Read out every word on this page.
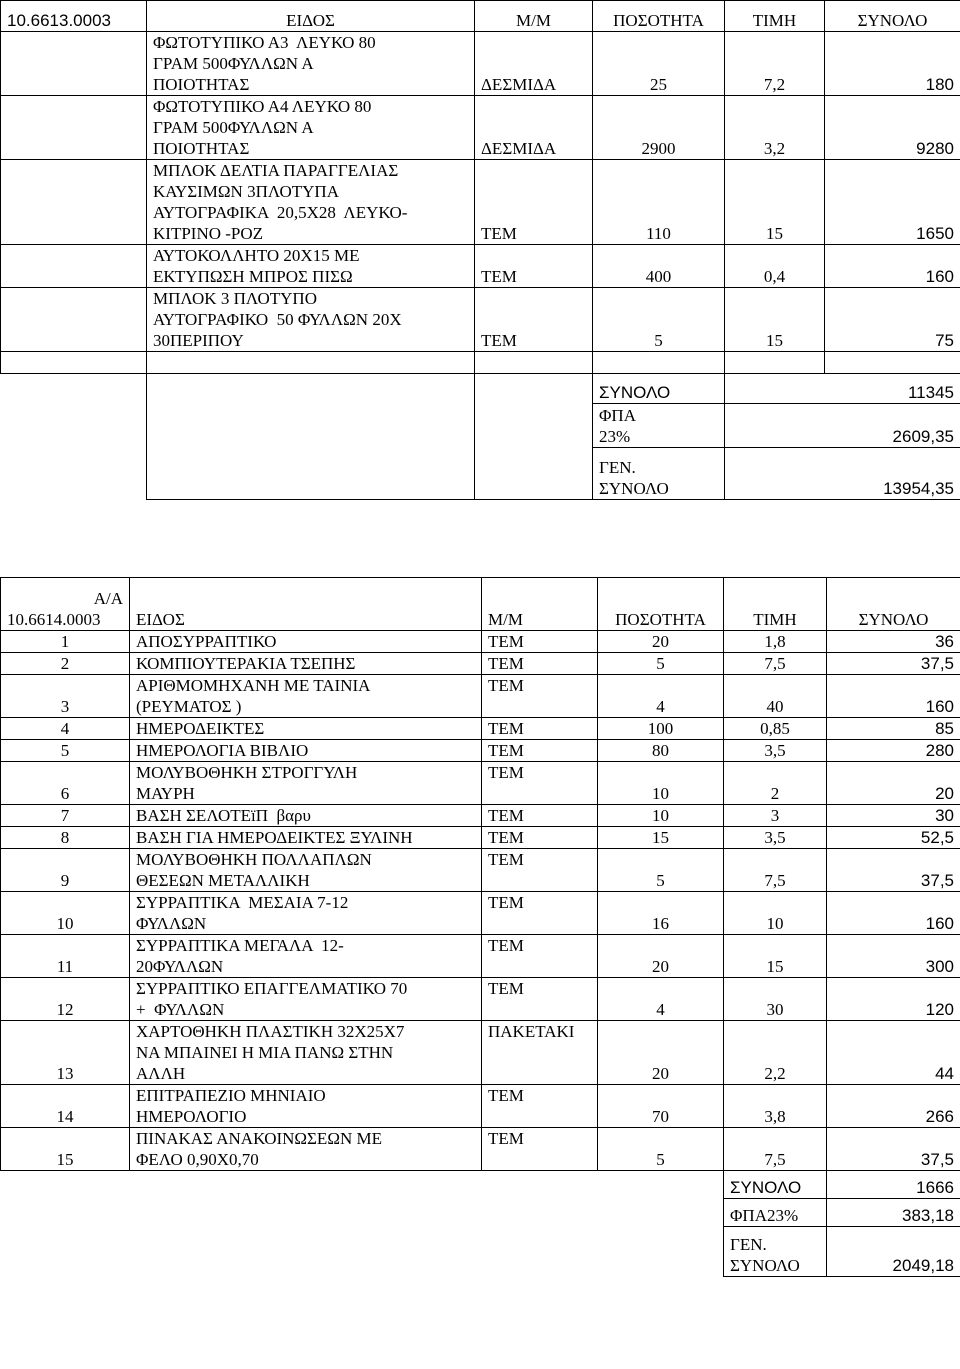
10.6613.0003	ΕΙΔΟΣ	Μ/Μ	ΠΟΣΟΤΗΤΑ	ΤΙΜΗ	ΣΥΝΟΛΟ

	ΦΩΤΟΤΥΠΙΚΟ Α3  ΛΕΥΚΟ 80
ΓΡΑΜ 500ΦΥΛΛΩΝ Α
ΠΟΙΟΤΗΤΑΣ	ΔΕΣΜΙΔΑ	25	7,2	180

	ΦΩΤΟΤΥΠΙΚΟ Α4 ΛΕΥΚΟ 80
ΓΡΑΜ 500ΦΥΛΛΩΝ Α
ΠΟΙΟΤΗΤΑΣ	ΔΕΣΜΙΔΑ	2900	3,2	9280

	ΜΠΛΟΚ ΔΕΛΤΙΑ ΠΑΡΑΓΓΕΛΙΑΣ
ΚΑΥΣΙΜΩΝ 3ΠΛΟΤΥΠΑ
ΑΥΤΟΓΡΑΦΙΚΑ  20,5Χ28  ΛΕΥΚΟ-
ΚΙΤΡΙΝΟ -ΡΟΖ	ΤΕΜ	110	15	1650

	ΑΥΤΟΚΟΛΛΗΤΟ 20Χ15 ΜΕ
ΕΚΤΥΠΩΣΗ ΜΠΡΟΣ ΠΙΣΩ	ΤΕΜ	400	0,4	160

	ΜΠΛΟΚ 3 ΠΛΟΤΥΠΟ
ΑΥΤΟΓΡΑΦΙΚΟ  50 ΦΥΛΛΩΝ 20Χ
30ΠΕΡΙΠΟΥ	ΤΕΜ	5	15	75

			ΣΥΝΟΛΟ	11345	

			ΦΠΑ
23%	2609,35	

			ΓΕΝ.
ΣΥΝΟΛΟ	13954,35	
Α/Α
10.6614.0003	ΕΙΔΟΣ	Μ/Μ	ΠΟΣΟΤΗΤΑ	ΤΙΜΗ	ΣΥΝΟΛΟ
1	ΑΠΟΣΥΡΡΑΠΤΙΚΟ	ΤΕΜ	20	1,8	36
2	ΚΟΜΠΙΟΥΤΕΡΑΚΙΑ ΤΣΕΠΗΣ	ΤΕΜ	5	7,5	37,5
3	ΑΡΙΘΜΟΜΗΧΑΝΗ ΜΕ ΤΑΙΝΙΑ
(ΡΕΥΜΑΤΟΣ )	ΤΕΜ	4	40	160
4	ΗΜΕΡΟΔΕΙΚΤΕΣ	ΤΕΜ	100	0,85	85
5	ΗΜΕΡΟΛΟΓΙΑ ΒΙΒΛΙΟ	ΤΕΜ	80	3,5	280
6	ΜΟΛΥΒΟΘΗΚΗ ΣΤΡΟΓΓΥΛΗ
ΜΑΥΡΗ	ΤΕΜ	10	2	20
7	ΒΑΣΗ ΣΕΛΟΤΕïΠ  βαρυ	ΤΕΜ	10	3	30
8	ΒΑΣΗ ΓΙΑ ΗΜΕΡΟΔΕΙΚΤΕΣ ΞΥΛΙΝΗ	ΤΕΜ	15	3,5	52,5
9	ΜΟΛΥΒΟΘΗΚΗ ΠΟΛΛΑΠΛΩΝ
ΘΕΣΕΩΝ ΜΕΤΑΛΛΙΚΗ	ΤΕΜ	5	7,5	37,5
10	ΣΥΡΡΑΠΤΙΚΑ  ΜΕΣΑΙΑ 7-12
ΦΥΛΛΩΝ	ΤΕΜ	16	10	160
11	ΣΥΡΡΑΠΤΙΚΑ ΜΕΓΑΛΑ  12-
20ΦΥΛΛΩΝ	ΤΕΜ	20	15	300
12	ΣΥΡΡΑΠΤΙΚΟ ΕΠΑΓΓΕΛΜΑΤΙΚΟ 70
+  ΦΥΛΛΩΝ	ΤΕΜ	4	30	120
13	ΧΑΡΤΟΘΗΚΗ ΠΛΑΣΤΙΚΗ 32Χ25Χ7
ΝΑ ΜΠΑΙΝΕΙ Η ΜΙΑ ΠΑΝΩ ΣΤΗΝ
ΑΛΛΗ	ΠΑΚΕΤΑΚΙ	20	2,2	44
14	ΕΠΙΤΡΑΠΕΖΙΟ ΜΗΝΙΑΙΟ
ΗΜΕΡΟΛΟΓΙΟ	ΤΕΜ	70	3,8	266
15	ΠΙΝΑΚΑΣ ΑΝΑΚΟΙΝΩΣΕΩΝ ΜΕ
ΦΕΛΟ 0,90Χ0,70	ΤΕΜ	5	7,5	37,5
				ΣΥΝΟΛΟ	1666
				ΦΠΑ23%	383,18

				ΓΕΝ.
ΣΥΝΟΛΟ	2049,18
